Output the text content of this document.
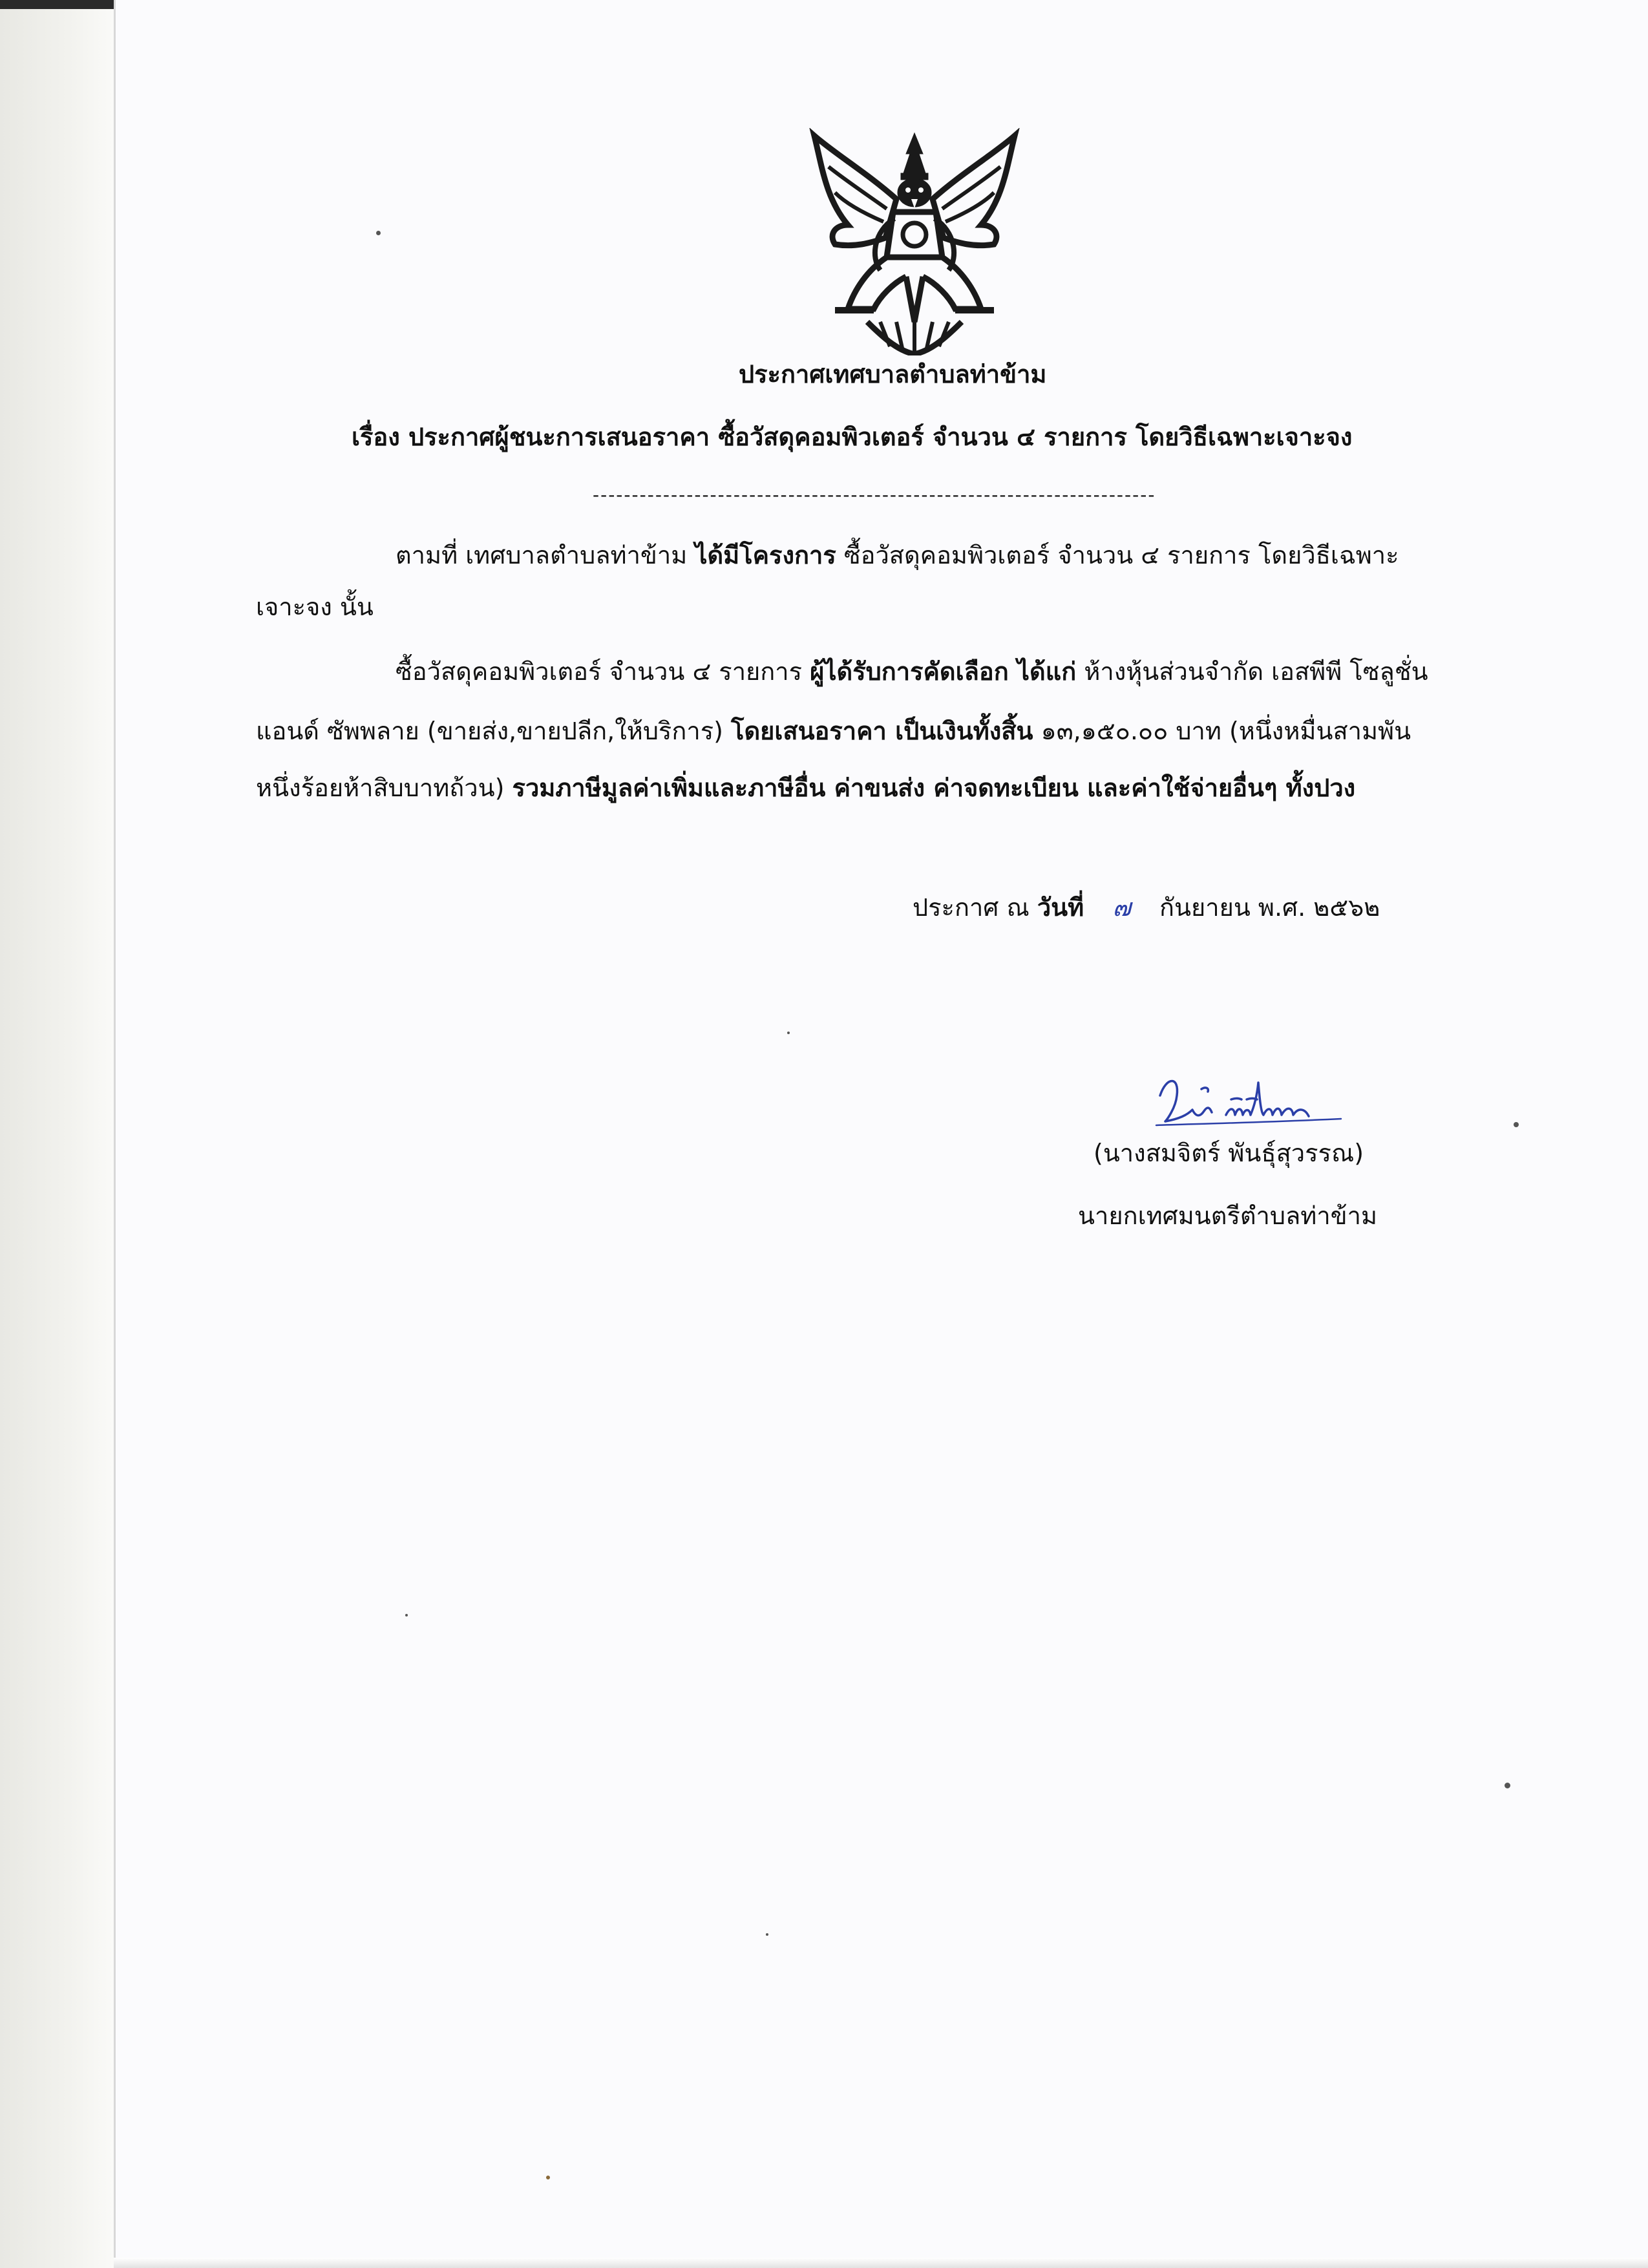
ประกาศเทศบาลตำบลท่าข้าม
เรื่อง ประกาศผู้ชนะการเสนอราคา ซื้อวัสดุคอมพิวเตอร์ จำนวน ๔ รายการ โดยวิธีเฉพาะเจาะจง
------------------------------------------------------------------------
ตามที่ เทศบาลตำบลท่าข้าม ได้มีโครงการ ซื้อวัสดุคอมพิวเตอร์ จำนวน ๔ รายการ โดยวิธีเฉพาะ
เจาะจง นั้น
ซื้อวัสดุคอมพิวเตอร์ จำนวน ๔ รายการ ผู้ได้รับการคัดเลือก ได้แก่ ห้างหุ้นส่วนจำกัด เอสพีพี โซลูชั่น
แอนด์ ซัพพลาย (ขายส่ง,ขายปลีก,ให้บริการ) โดยเสนอราคา เป็นเงินทั้งสิ้น ๑๓,๑๕๐.๐๐ บาท (หนึ่งหมื่นสามพัน
หนึ่งร้อยห้าสิบบาทถ้วน) รวมภาษีมูลค่าเพิ่มและภาษีอื่น ค่าขนส่ง ค่าจดทะเบียน และค่าใช้จ่ายอื่นๆ ทั้งปวง
ประกาศ ณ วันที่ ๗ กันยายน พ.ศ. ๒๕๖๒
(นางสมจิตร์ พันธุ์สุวรรณ)
นายกเทศมนตรีตำบลท่าข้าม
